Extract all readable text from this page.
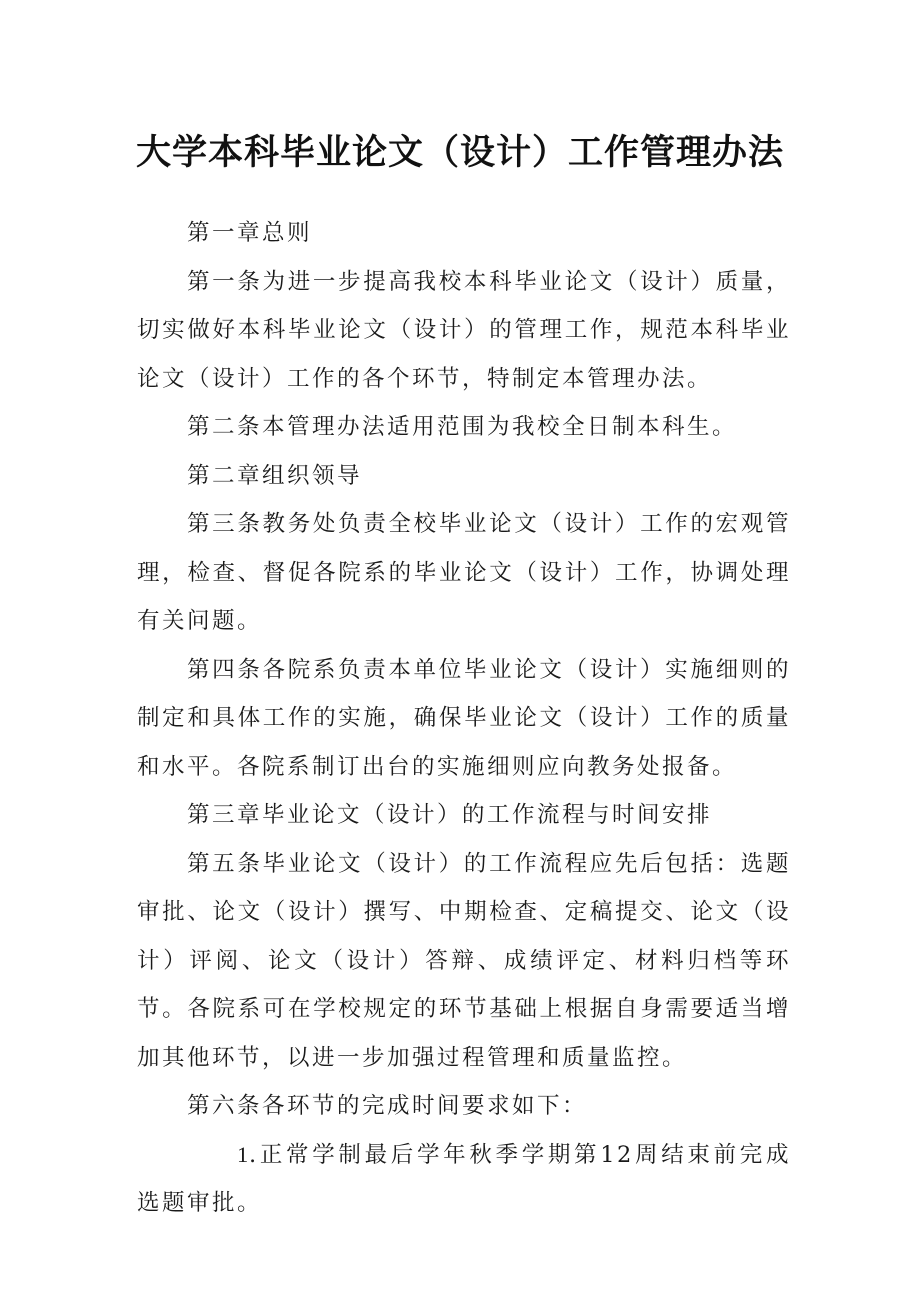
大学本科毕业论文（设计）工作管理办法

第一章总则

第一条为进一步提高我校本科毕业论文（设计）质量，切实做好本科毕业论文（设计）的管理工作，规范本科毕业论文（设计）工作的各个环节，特制定本管理办法。

第二条本管理办法适用范围为我校全日制本科生。

第二章组织领导

第三条教务处负责全校毕业论文（设计）工作的宏观管理，检查、督促各院系的毕业论文（设计）工作，协调处理有关问题。

第四条各院系负责本单位毕业论文（设计）实施细则的制定和具体工作的实施，确保毕业论文（设计）工作的质量和水平。各院系制订出台的实施细则应向教务处报备。

第三章毕业论文（设计）的工作流程与时间安排

第五条毕业论文（设计）的工作流程应先后包括：选题审批、论文（设计）撰写、中期检查、定稿提交、论文（设计）评阅、论文（设计）答辩、成绩评定、材料归档等环节。各院系可在学校规定的环节基础上根据自身需要适当增加其他环节，以进一步加强过程管理和质量监控。

第六条各环节的完成时间要求如下：

1.正常学制最后学年秋季学期第12周结束前完成选题审批。
